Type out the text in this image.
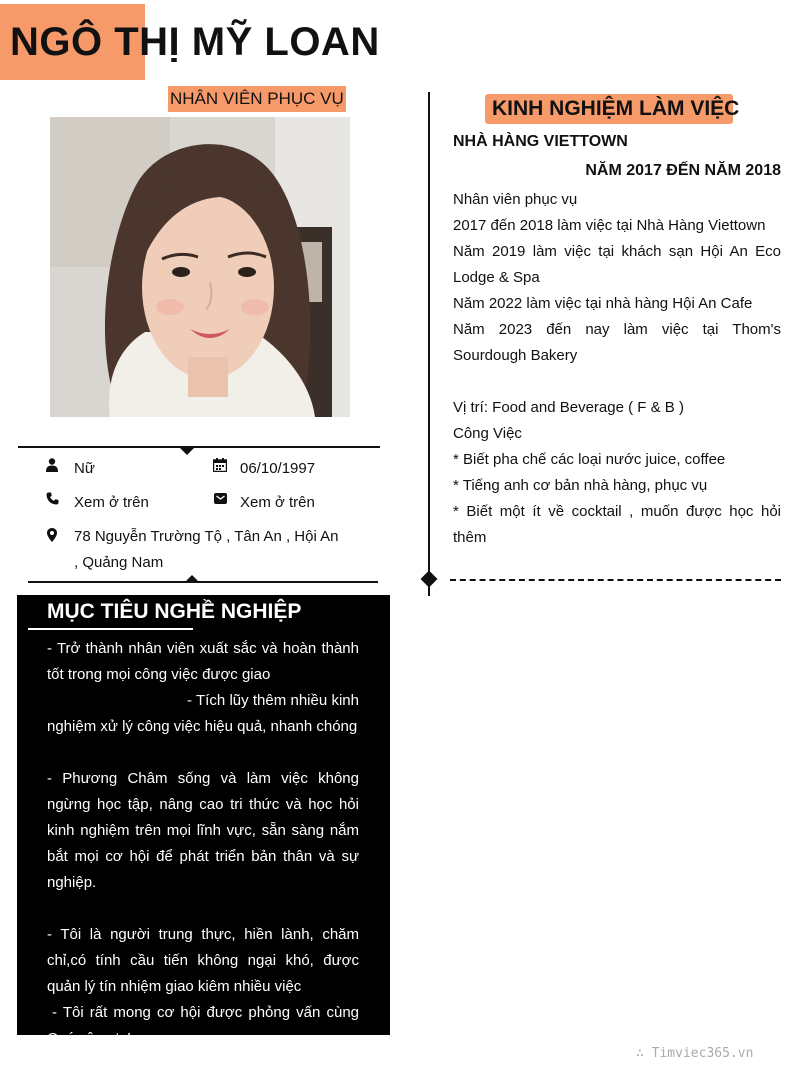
NGÔ THỊ MỸ LOAN
NHÂN VIÊN PHỤC VỤ
Nữ	06/10/1997
Xem ở trên	Xem ở trên
78 Nguyễn Trường Tộ , Tân An , Hội An
, Quảng Nam
MỤC TIÊU NGHỀ NGHIỆP

- Trở thành nhân viên xuất sắc và hoàn thành tốt trong mọi công việc được giao

- Tích lũy thêm nhiều kinh nghiệm xử lý công việc hiệu quả, nhanh chóng

- Phương Châm sống và làm việc không ngừng học tập, nâng cao tri thức và học hỏi kinh nghiệm trên mọi lĩnh vực, sẵn sàng nắm bắt mọi cơ hội để phát triển bản thân và sự nghiệp.

- Tôi là người trung thực, hiền lành, chăm chỉ,có tính cầu tiến không ngại khó, được quản lý tín nhiệm giao kiêm nhiều việc

- Tôi rất mong cơ hội được phỏng vấn cùng Quý công ty!

KINH NGHIỆM LÀM VIỆC
NHÀ HÀNG VIETTOWN
NĂM 2017 ĐẾN NĂM 2018

Nhân viên phục vụ

2017 đến 2018 làm việc tại Nhà Hàng Viettown

Năm 2019 làm việc tại khách sạn Hội An Eco Lodge & Spa

Năm 2022 làm việc tại nhà hàng Hội An Cafe

Năm 2023 đến nay làm việc tại Thom's Sourdough Bakery

Vị trí: Food and Beverage ( F & B )

Công Việc

* Biết pha chế các loại nước juice, coffee

* Tiếng anh cơ bản nhà hàng, phục vụ

* Biết một ít về cocktail , muốn được học hỏi thêm

∴ Timviec365.vn
